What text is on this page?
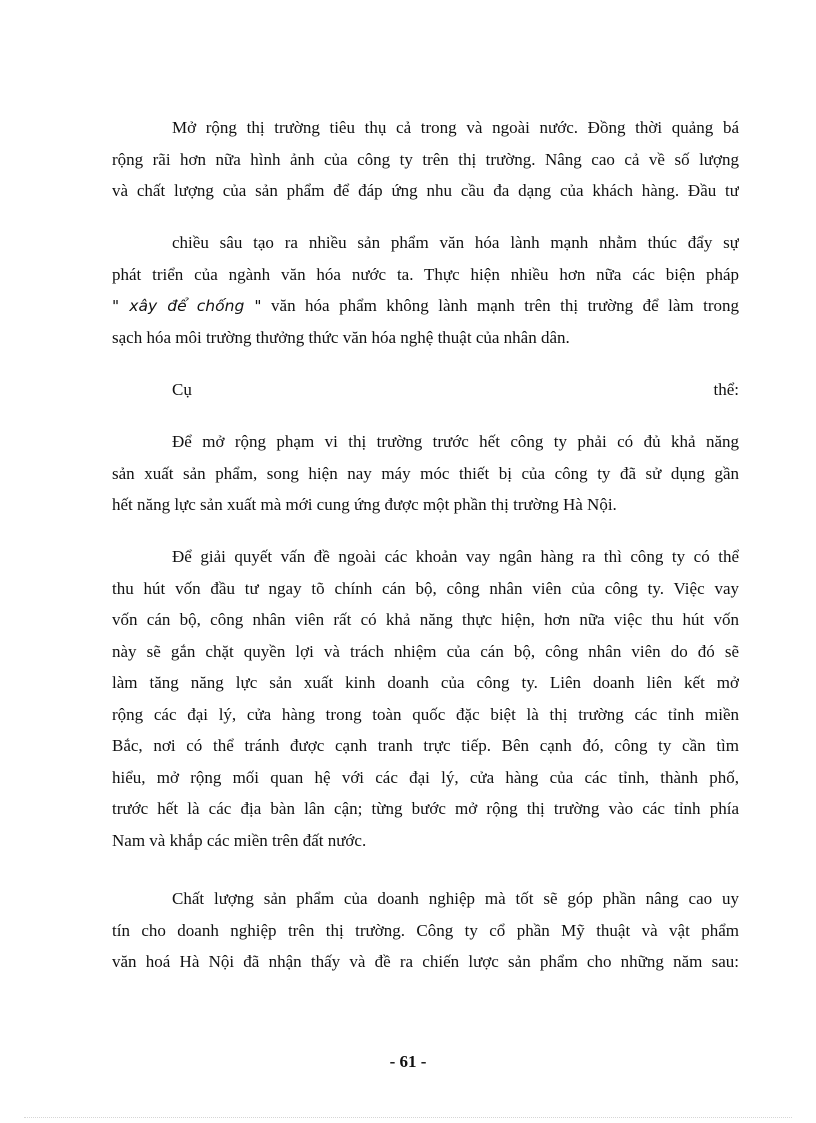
Mở rộng thị trường tiêu thụ cả trong và ngoài nước. Đồng thời quảng bá
rộng rãi hơn nữa hình ảnh của công ty trên thị trường. Nâng cao cả về số lượng
và chất lượng của sản phẩm để đáp ứng nhu cầu đa dạng của khách hàng. Đầu tư
chiều sâu tạo ra nhiều sản phẩm văn hóa lành mạnh nhằm thúc đẩy sự
phát triển của ngành văn hóa nước ta. Thực hiện nhiều hơn nữa các biện pháp
" xây để chống " văn hóa phẩm không lành mạnh trên thị trường để làm trong
sạch hóa môi trường thưởng thức văn hóa nghệ thuật của nhân dân.
Cụ	thể:
Để mở rộng phạm vi thị trường trước hết công ty phải có đủ khả năng
sản xuất sản phẩm, song hiện nay máy móc thiết bị của công ty đã sử dụng gần
hết năng lực sản xuất mà mới cung ứng được một phần thị trường Hà Nội.
Để giải quyết vấn đề ngoài các khoản vay ngân hàng ra thì công ty có thể
thu hút vốn đầu tư ngay tõ chính cán bộ, công nhân viên của công ty. Việc vay
vốn cán bộ, công nhân viên rất có khả năng thực hiện, hơn nữa việc thu hút vốn
này sẽ gắn chặt quyền lợi và trách nhiệm của cán bộ, công nhân viên do đó sẽ
làm tăng năng lực sản xuất kinh doanh của công ty. Liên doanh liên kết mở
rộng các đại lý, cửa hàng trong toàn quốc đặc biệt là thị trường các tỉnh miền
Bắc, nơi có thể tránh được cạnh tranh trực tiếp. Bên cạnh đó, công ty cần tìm
hiểu, mở rộng mối quan hệ với các đại lý, cửa hàng của các tỉnh, thành phố,
trước hết là các địa bàn lân cận; từng bước mở rộng thị trường vào các tỉnh phía
Nam và khắp các miền trên đất nước.
Chất lượng sản phẩm của doanh nghiệp mà tốt sẽ góp phần nâng cao uy
tín cho doanh nghiệp trên thị trường. Công ty cổ phần Mỹ thuật và vật phẩm
văn hoá Hà Nội đã nhận thấy và đề ra chiến lược sản phẩm cho những năm sau:
- 61 -
